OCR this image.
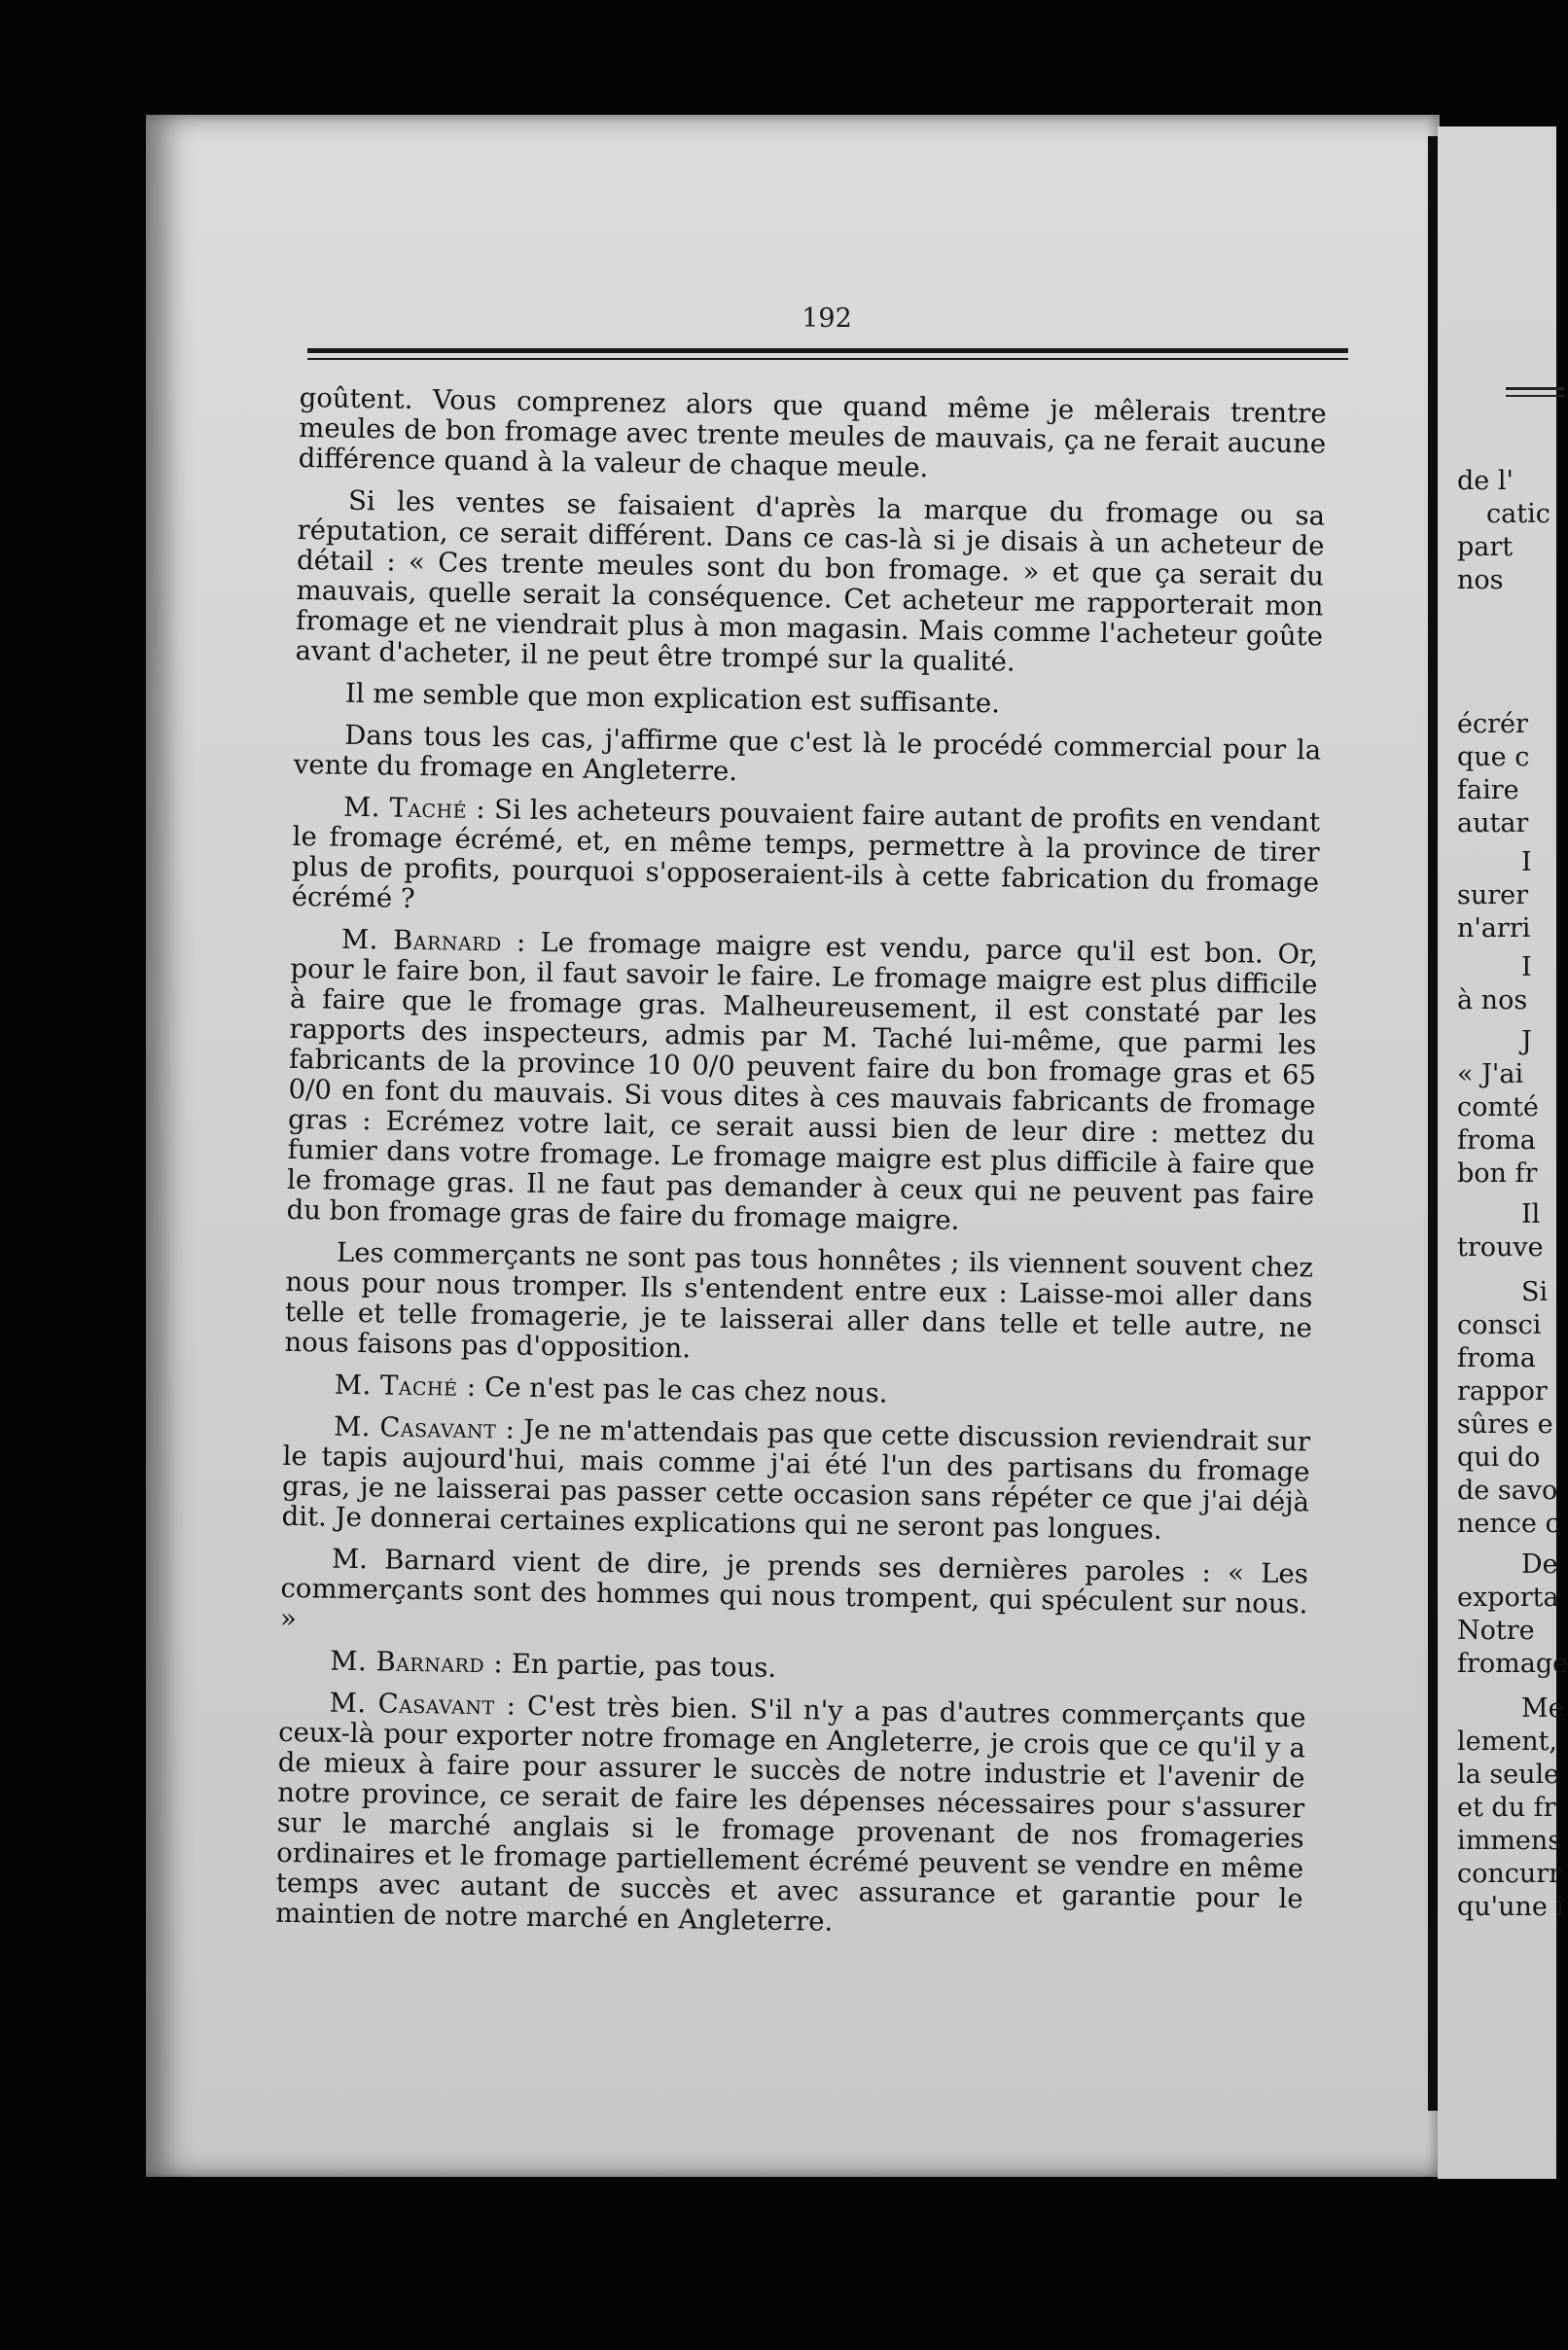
192

goûtent. Vous comprenez alors que quand même je mêlerais trentre meules de bon fromage avec trente meules de mauvais, ça ne ferait aucune différence quand à la valeur de chaque meule.

Si les ventes se faisaient d'après la marque du fromage ou sa réputation, ce serait différent. Dans ce cas-là si je disais à un acheteur de détail : « Ces trente meules sont du bon fromage. » et que ça serait du mauvais, quelle serait la conséquence. Cet acheteur me rapporterait mon fromage et ne viendrait plus à mon magasin. Mais comme l'acheteur goûte avant d'acheter, il ne peut être trompé sur la qualité.

Il me semble que mon explication est suffisante.

Dans tous les cas, j'affirme que c'est là le procédé commercial pour la vente du fromage en Angleterre.

M. Taché : Si les acheteurs pouvaient faire autant de profits en vendant le fromage écrémé, et, en même temps, permettre à la province de tirer plus de profits, pourquoi s'opposeraient-ils à cette fabrication du fromage écrémé ?

M. Barnard : Le fromage maigre est vendu, parce qu'il est bon. Or, pour le faire bon, il faut savoir le faire. Le fromage maigre est plus difficile à faire que le fromage gras. Malheureusement, il est constaté par les rapports des inspecteurs, admis par M. Taché lui-même, que parmi les fabricants de la province 10 0/0 peuvent faire du bon fromage gras et 65 0/0 en font du mauvais. Si vous dites à ces mauvais fabricants de fromage gras : Ecrémez votre lait, ce serait aussi bien de leur dire : mettez du fumier dans votre fromage. Le fromage maigre est plus difficile à faire que le fromage gras. Il ne faut pas demander à ceux qui ne peuvent pas faire du bon fromage gras de faire du fromage maigre.

Les commerçants ne sont pas tous honnêtes ; ils viennent souvent chez nous pour nous tromper. Ils s'entendent entre eux : Laisse-moi aller dans telle et telle fromagerie, je te laisserai aller dans telle et telle autre, ne nous faisons pas d'opposition.

M. Taché : Ce n'est pas le cas chez nous.

M. Casavant : Je ne m'attendais pas que cette discussion reviendrait sur le tapis aujourd'hui, mais comme j'ai été l'un des partisans du fromage gras, je ne laisserai pas passer cette occasion sans répéter ce que j'ai déjà dit. Je donnerai certaines explications qui ne seront pas longues.

M. Barnard vient de dire, je prends ses dernières paroles : « Les commerçants sont des hommes qui nous trompent, qui spéculent sur nous. »

M. Barnard : En partie, pas tous.

M. Casavant : C'est très bien. S'il n'y a pas d'autres commerçants que ceux-là pour exporter notre fromage en Angleterre, je crois que ce qu'il y a de mieux à faire pour assurer le succès de notre industrie et l'avenir de notre province, ce serait de faire les dépenses nécessaires pour s'assurer sur le marché anglais si le fromage provenant de nos fromageries ordinaires et le fromage partiellement écrémé peuvent se vendre en même temps avec autant de succès et avec assurance et garantie pour le maintien de notre marché en Angleterre.

de l'
catic
part
nos
écrér
que c
faire
autar
I
surer
n'arri
I
à nos
J
« J'ai
comté
froma
bon fr
Il
trouve
Si
consci
froma
rappor
sûres e
qui do
de savo
nence c
De
exporta
Notre
fromage
Me
lement,
la seule
et du fr
immens
concurr
qu'une i
